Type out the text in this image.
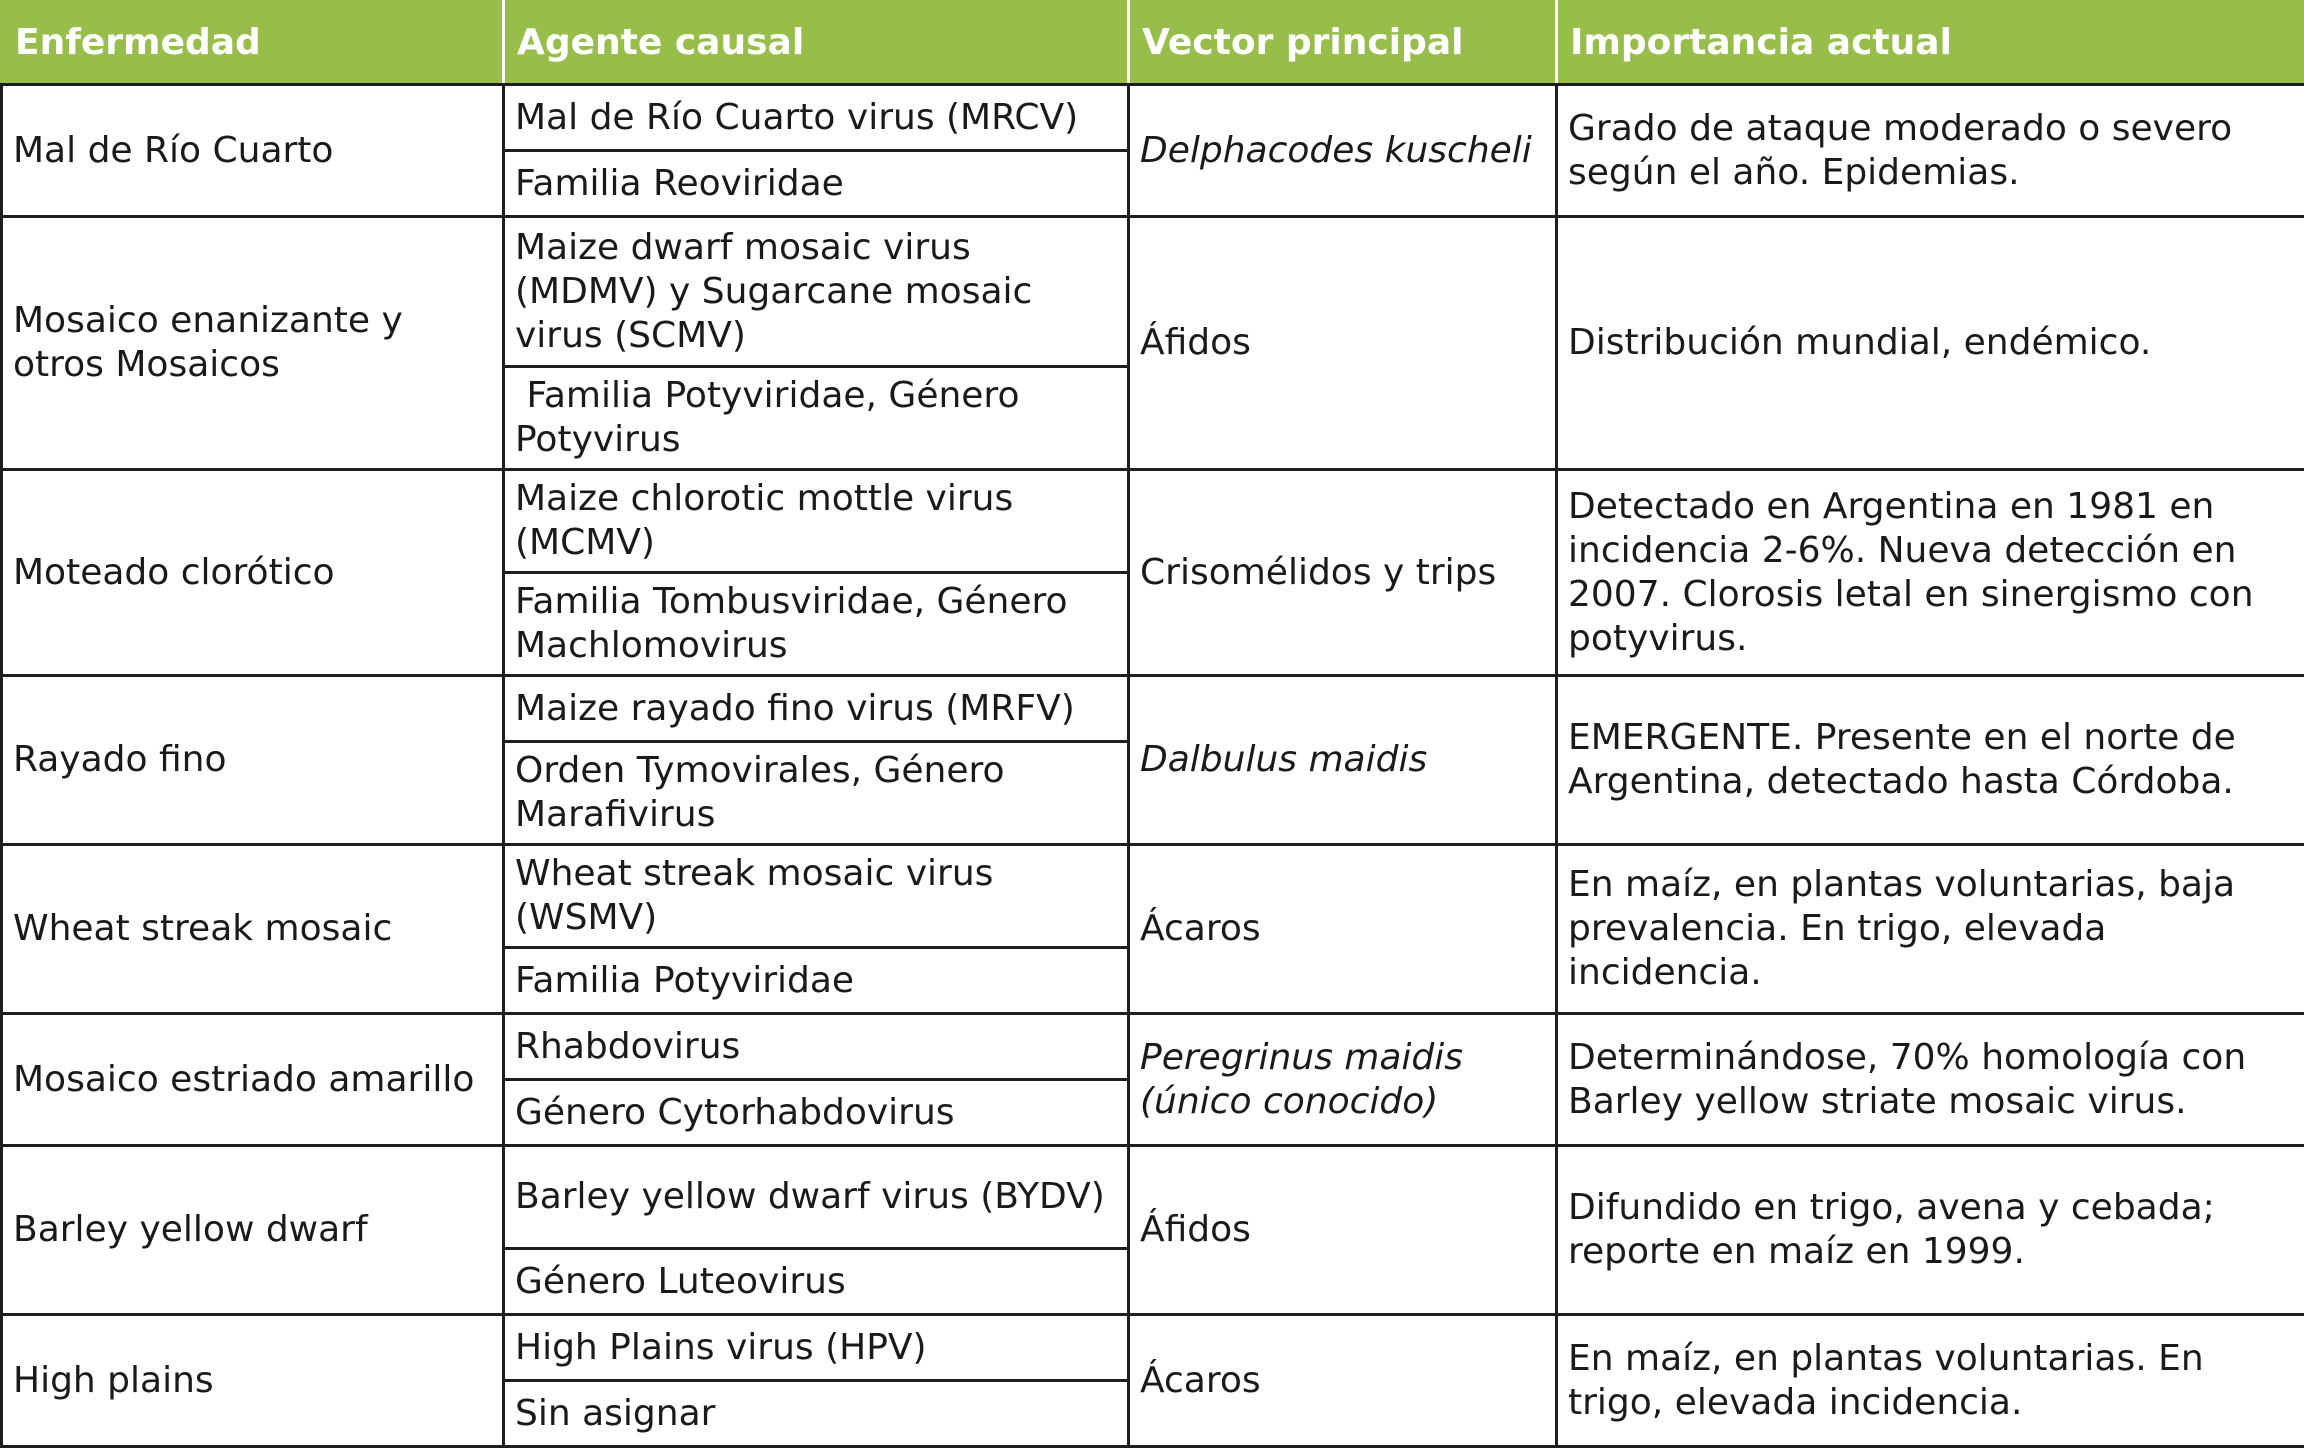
Enfermedad	Agente causal	Vector principal	Importancia actual
Mal de Río Cuarto	Mal de Río Cuarto virus (MRCV)	Delphacodes kuscheli	Grado de ataque moderado o severo según el año. Epidemias.
	Familia Reoviridae		
Mosaico enanizante y otros Mosaicos	Maize dwarf mosaic virus (MDMV) y Sugarcane mosaic virus (SCMV)	Áfidos	Distribución mundial, endémico.
	Familia Potyviridae, Género Potyvirus		
Moteado clorótico	Maize chlorotic mottle virus (MCMV)	Crisomélidos y trips	Detectado en Argentina en 1981 en incidencia 2-6%. Nueva detección en 2007. Clorosis letal en sinergismo con potyvirus.
	Familia Tombusviridae, Género Machlomovirus		
Rayado fino	Maize rayado fino virus (MRFV)	Dalbulus maidis	EMERGENTE. Presente en el norte de Argentina, detectado hasta Córdoba.
	Orden Tymovirales, Género Marafivirus		
Wheat streak mosaic	Wheat streak mosaic virus (WSMV)	Ácaros	En maíz, en plantas voluntarias, baja prevalencia. En trigo, elevada incidencia.
	Familia Potyviridae		
Mosaico estriado amarillo	Rhabdovirus	Peregrinus maidis (único conocido)	Determinándose, 70% homología con Barley yellow striate mosaic virus.
	Género Cytorhabdovirus		
Barley yellow dwarf	Barley yellow dwarf virus (BYDV)	Áfidos	Difundido en trigo, avena y cebada; reporte en maíz en 1999.
	Género Luteovirus		
High plains	High Plains virus (HPV)	Ácaros	En maíz, en plantas voluntarias. En trigo, elevada incidencia.
	Sin asignar		
